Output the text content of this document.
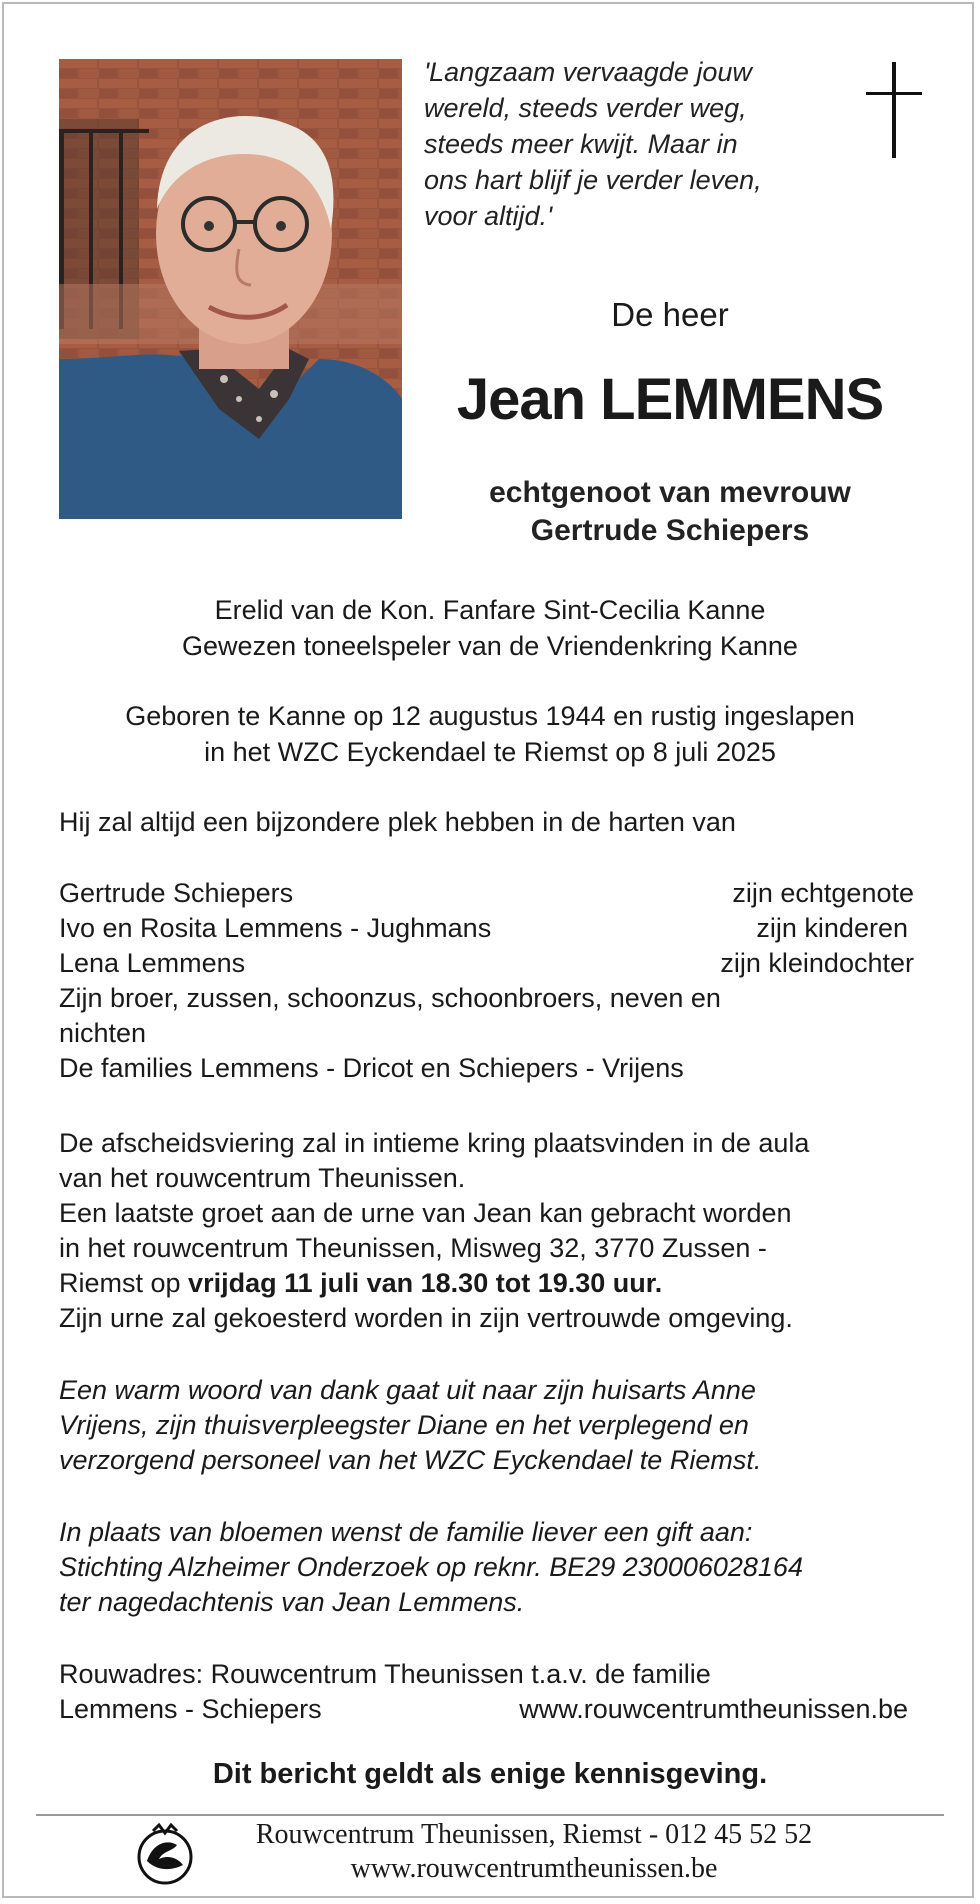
'Langzaam vervaagde jouw
wereld, steeds verder weg,
steeds meer kwijt. Maar in
ons hart blijf je verder leven,
voor altijd.'
De heer
Jean LEMMENS
echtgenoot van mevrouw
Gertrude Schiepers
Erelid van de Kon. Fanfare Sint-Cecilia Kanne
Gewezen toneelspeler van de Vriendenkring Kanne
Geboren te Kanne op 12 augustus 1944 en rustig ingeslapen
in het WZC Eyckendael te Riemst op 8 juli 2025
Hij zal altijd een bijzondere plek hebben in de harten van
Gertrude Schiepers	zijn echtgenote
Ivo en Rosita Lemmens - Jughmans	zijn kinderen
Lena Lemmens	zijn kleindochter
Zijn broer, zussen, schoonzus, schoonbroers, neven en
nichten
De families Lemmens - Dricot en Schiepers - Vrijens
De afscheidsviering zal in intieme kring plaatsvinden in de aula
van het rouwcentrum Theunissen.
Een laatste groet aan de urne van Jean kan gebracht worden
in het rouwcentrum Theunissen, Misweg 32, 3770 Zussen -
Riemst op vrijdag 11 juli van 18.30 tot 19.30 uur.
Zijn urne zal gekoesterd worden in zijn vertrouwde omgeving.
Een warm woord van dank gaat uit naar zijn huisarts Anne
Vrijens, zijn thuisverpleegster Diane en het verplegend en
verzorgend personeel van het WZC Eyckendael te Riemst.
In plaats van bloemen wenst de familie liever een gift aan:
Stichting Alzheimer Onderzoek op reknr. BE29 230006028164
ter nagedachtenis van Jean Lemmens.
Rouwadres: Rouwcentrum Theunissen t.a.v. de familie
Lemmens - Schiepers	www.rouwcentrumtheunissen.be
Dit bericht geldt als enige kennisgeving.
Rouwcentrum Theunissen, Riemst - 012 45 52 52
www.rouwcentrumtheunissen.be
